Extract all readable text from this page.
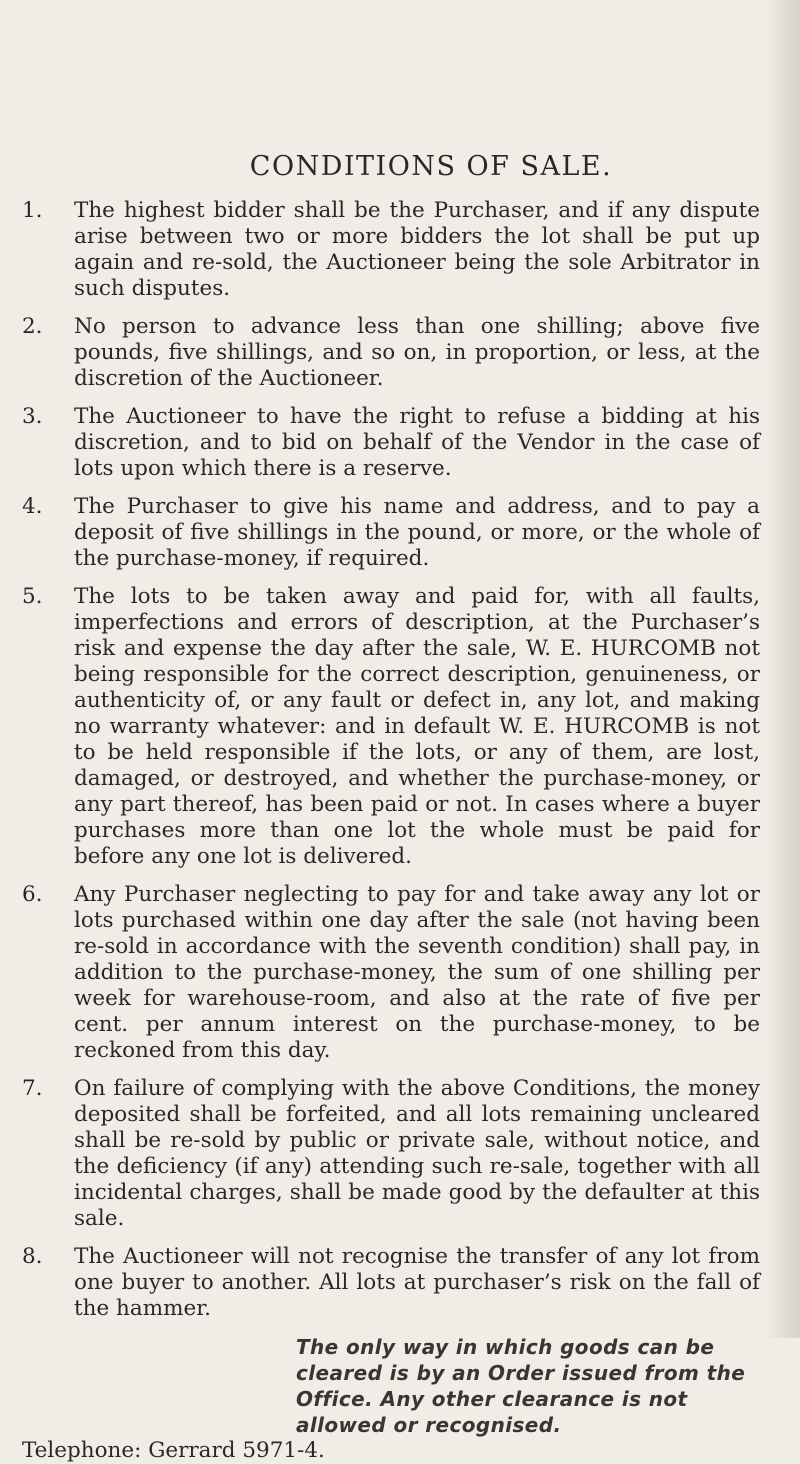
CONDITIONS OF SALE.
1.	The highest bidder shall be the Purchaser, and if any dispute arise between two or more bidders the lot shall be put up again and re-sold, the Auctioneer being the sole Arbitrator in such disputes.
2.	No person to advance less than one shilling; above five pounds, five shillings, and so on, in proportion, or less, at the discretion of the Auctioneer.
3.	The Auctioneer to have the right to refuse a bidding at his discretion, and to bid on behalf of the Vendor in the case of lots upon which there is a reserve.
4.	The Purchaser to give his name and address, and to pay a deposit of five shillings in the pound, or more, or the whole of the purchase-money, if required.
5.	The lots to be taken away and paid for, with all faults, imperfections and errors of description, at the Purchaser’s risk and expense the day after the sale, W. E. HURCOMB not being responsible for the correct description, genuineness, or authenticity of, or any fault or defect in, any lot, and making no warranty whatever: and in default W. E. HURCOMB is not to be held responsible if the lots, or any of them, are lost, damaged, or destroyed, and whether the purchase-money, or any part thereof, has been paid or not. In cases where a buyer purchases more than one lot the whole must be paid for before any one lot is delivered.
6.	Any Purchaser neglecting to pay for and take away any lot or lots purchased within one day after the sale (not having been re-sold in accordance with the seventh condition) shall pay, in addition to the purchase-money, the sum of one shilling per week for warehouse-room, and also at the rate of five per cent. per annum interest on the purchase-money, to be reckoned from this day.
7.	On failure of complying with the above Conditions, the money deposited shall be forfeited, and all lots remaining uncleared shall be re-sold by public or private sale, without notice, and the deficiency (if any) attending such re-sale, together with all incidental charges, shall be made good by the defaulter at this sale.
8.	The Auctioneer will not recognise the transfer of any lot from one buyer to another. All lots at purchaser’s risk on the fall of the hammer.
The only way in which goods can be cleared is by an Order issued from the Office. Any other clearance is not allowed or recognised.
Telephone: Gerrard 5971-4.
